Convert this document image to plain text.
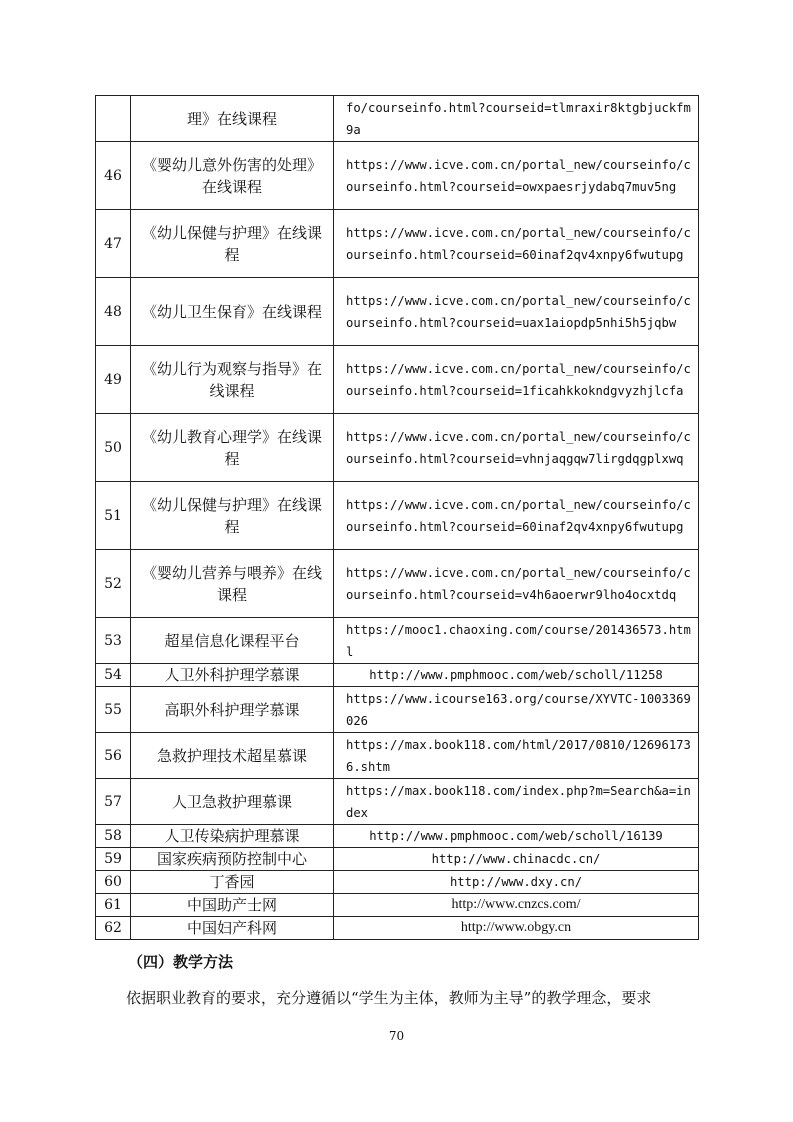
	理》在线课程	fo/courseinfo.html?courseid=tlmraxir8ktgbjuckfm9a
46	《婴幼儿意外伤害的处理》在线课程	https://www.icve.com.cn/portal_new/courseinfo/courseinfo.html?courseid=owxpaesrjydabq7muv5ng
47	《幼儿保健与护理》在线课程	https://www.icve.com.cn/portal_new/courseinfo/courseinfo.html?courseid=60inaf2qv4xnpy6fwutupg
48	《幼儿卫生保育》在线课程	https://www.icve.com.cn/portal_new/courseinfo/courseinfo.html?courseid=uax1aiopdp5nhi5h5jqbw
49	《幼儿行为观察与指导》在线课程	https://www.icve.com.cn/portal_new/courseinfo/courseinfo.html?courseid=1ficahkkokndgvyzhjlcfa
50	《幼儿教育心理学》在线课程	https://www.icve.com.cn/portal_new/courseinfo/courseinfo.html?courseid=vhnjaqgqw7lirgdqgplxwq
51	《幼儿保健与护理》在线课程	https://www.icve.com.cn/portal_new/courseinfo/courseinfo.html?courseid=60inaf2qv4xnpy6fwutupg
52	《婴幼儿营养与喂养》在线课程	https://www.icve.com.cn/portal_new/courseinfo/courseinfo.html?courseid=v4h6aoerwr9lho4ocxtdq
53	超星信息化课程平台	https://mooc1.chaoxing.com/course/201436573.html
54	人卫外科护理学慕课	http://www.pmphmooc.com/web/scholl/11258
55	高职外科护理学慕课	https://www.icourse163.org/course/XYVTC-1003369026
56	急救护理技术超星慕课	https://max.book118.com/html/2017/0810/126961736.shtm
57	人卫急救护理慕课	https://max.book118.com/index.php?m=Search&a=index
58	人卫传染病护理慕课	http://www.pmphmooc.com/web/scholl/16139
59	国家疾病预防控制中心	http://www.chinacdc.cn/
60	丁香园	http://www.dxy.cn/
61	中国助产士网	http://www.cnzcs.com/
62	中国妇产科网	http://www.obgy.cn
（四）教学方法
依据职业教育的要求，充分遵循以“学生为主体，教师为主导”的教学理念，要求
70
